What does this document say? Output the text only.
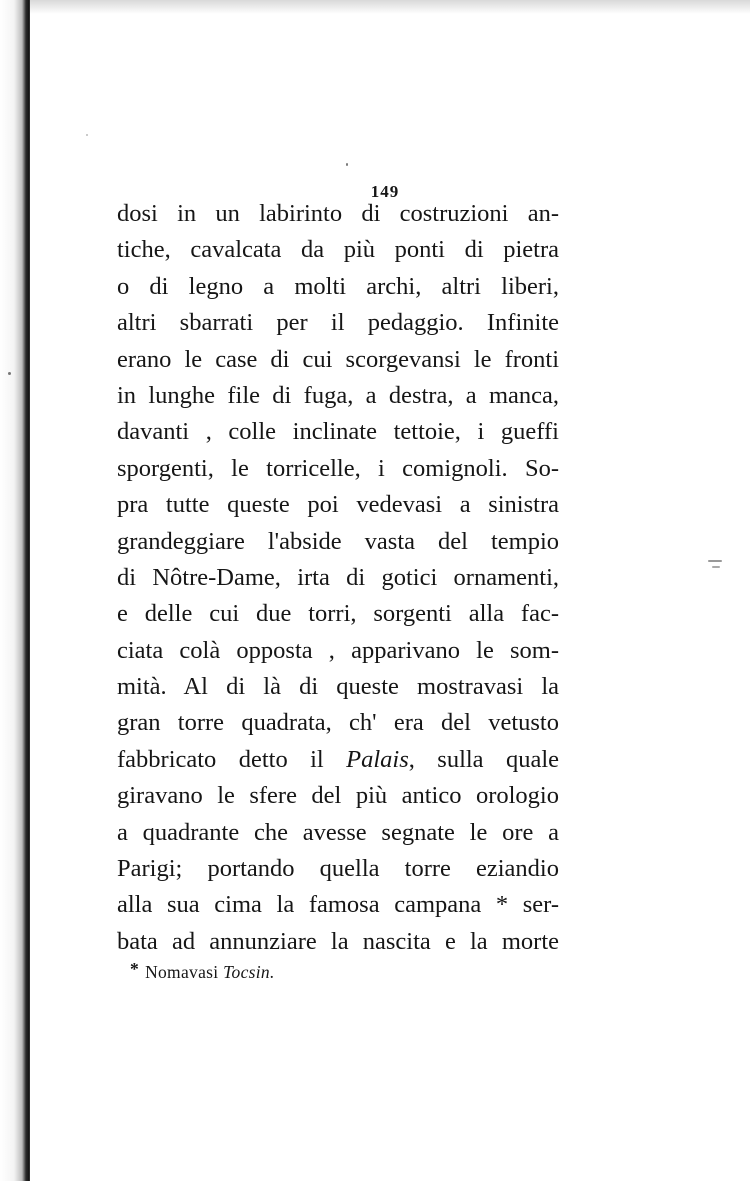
149
dosi in un labirinto di costruzioni an-
tiche, cavalcata da più ponti di pietra
o di legno a molti archi, altri liberi,
altri sbarrati per il pedaggio. Infinite
erano le case di cui scorgevansi le fronti
in lunghe file di fuga, a destra, a manca,
davanti , colle inclinate tettoie, i gueffi
sporgenti, le torricelle, i comignoli. So-
pra tutte queste poi vedevasi a sinistra
grandeggiare l'abside vasta del tempio
di Nôtre-Dame, irta di gotici ornamenti,
e delle cui due torri, sorgenti alla fac-
ciata colà opposta , apparivano le som-
mità. Al di là di queste mostravasi la
gran torre quadrata, ch' era del vetusto
fabbricato detto il Palais, sulla quale
giravano le sfere del più antico orologio
a quadrante che avesse segnate le ore a
Parigi; portando quella torre eziandio
alla sua cima la famosa campana * ser-
bata ad annunziare la nascita e la morte
* Nomavasi Tocsin.
